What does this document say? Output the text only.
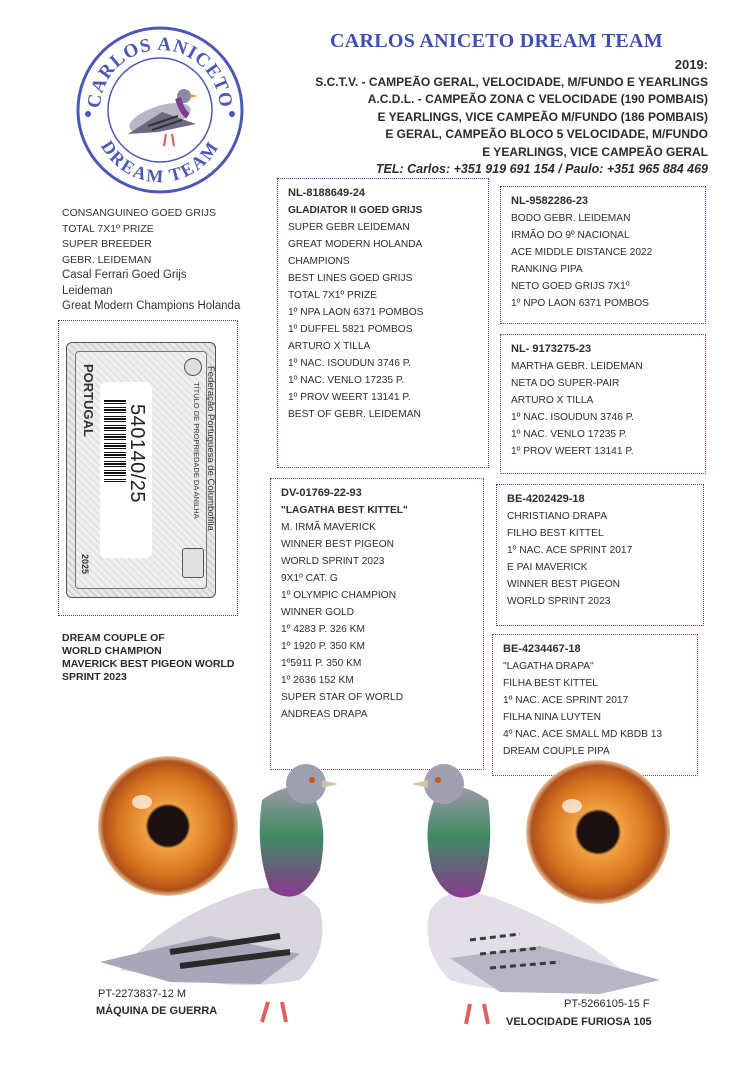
CARLOS ANICETO
DREAM TEAM
CARLOS ANICETO DREAM TEAM
2019:
S.C.T.V. - CAMPEÃO GERAL, VELOCIDADE, M/FUNDO E YEARLINGS
A.C.D.L. - CAMPEÃO ZONA C VELOCIDADE (190 POMBAIS)
E YEARLINGS, VICE CAMPEÃO M/FUNDO (186 POMBAIS)
E GERAL, CAMPEÃO BLOCO 5 VELOCIDADE, M/FUNDO
E YEARLINGS, VICE CAMPEÃO GERAL
TEL: Carlos: +351 919 691 154 / Paulo: +351 965 884 469
CONSANGUINEO GOED GRIJS
TOTAL 7X1º PRIZE
SUPER BREEDER
GEBR. LEIDEMAN
Casal Ferrari Goed Grijs
Leideman
Great Modern Champions Holanda
PORTUGAL
540140/25	Federação Portuguesa de Columbofilia
TÍTULO DE PROPRIEDADE DA ANILHA
2025
NL-8188649-24
GLADIATOR II GOED GRIJS
SUPER GEBR LEIDEMAN
GREAT MODERN HOLANDA
CHAMPIONS
BEST LINES GOED GRIJS
TOTAL 7X1º PRIZE
1º NPA LAON 6371 POMBOS
1º DUFFEL 5821 POMBOS
ARTURO X TILLA
1º NAC. ISOUDUN 3746 P.
1º NAC. VENLO 17235 P.
1º PROV WEERT 13141 P.
BEST OF GEBR. LEIDEMAN
NL-9582286-23
BODO GEBR. LEIDEMAN
IRMÃO DO 9º NACIONAL
ACE MIDDLE DISTANCE 2022
RANKING PIPA
NETO GOED GRIJS 7X1º
1º NPO LAON 6371 POMBOS
NL- 9173275-23
MARTHA GEBR. LEIDEMAN
NETA DO SUPER-PAIR
ARTURO X TILLA
1º NAC. ISOUDUN 3746 P.
1º NAC. VENLO 17235 P.
1º PROV WEERT 13141 P.
DV-01769-22-93
"LAGATHA BEST KITTEL"
M. IRMÃ MAVERICK
WINNER BEST PIGEON
WORLD SPRINT 2023
9X1º CAT. G
1º OLYMPIC CHAMPION
WINNER GOLD
1º 4283 P. 326 KM
1º 1920 P. 350 KM
1º5911 P. 350 KM
1º 2636 152 KM
SUPER STAR OF WORLD
ANDREAS DRAPA
BE-4202429-18
CHRISTIANO DRAPA
FILHO BEST KITTEL
1º NAC. ACE SPRINT 2017
E PAI MAVERICK
WINNER BEST PIGEON
WORLD SPRINT 2023
BE-4234467-18
"LAGATHA DRAPA"
FILHA BEST KITTEL
1º NAC. ACE SPRINT 2017
FILHA NINA LUYTEN
4º NAC. ACE SMALL MD KBDB 13
DREAM COUPLE PIPA
DREAM COUPLE OF
WORLD CHAMPION
MAVERICK BEST PIGEON WORLD
SPRINT 2023
PT-2273837-12 M
MÁQUINA DE GUERRA
PT-5266105-15 F
VELOCIDADE FURIOSA 105
